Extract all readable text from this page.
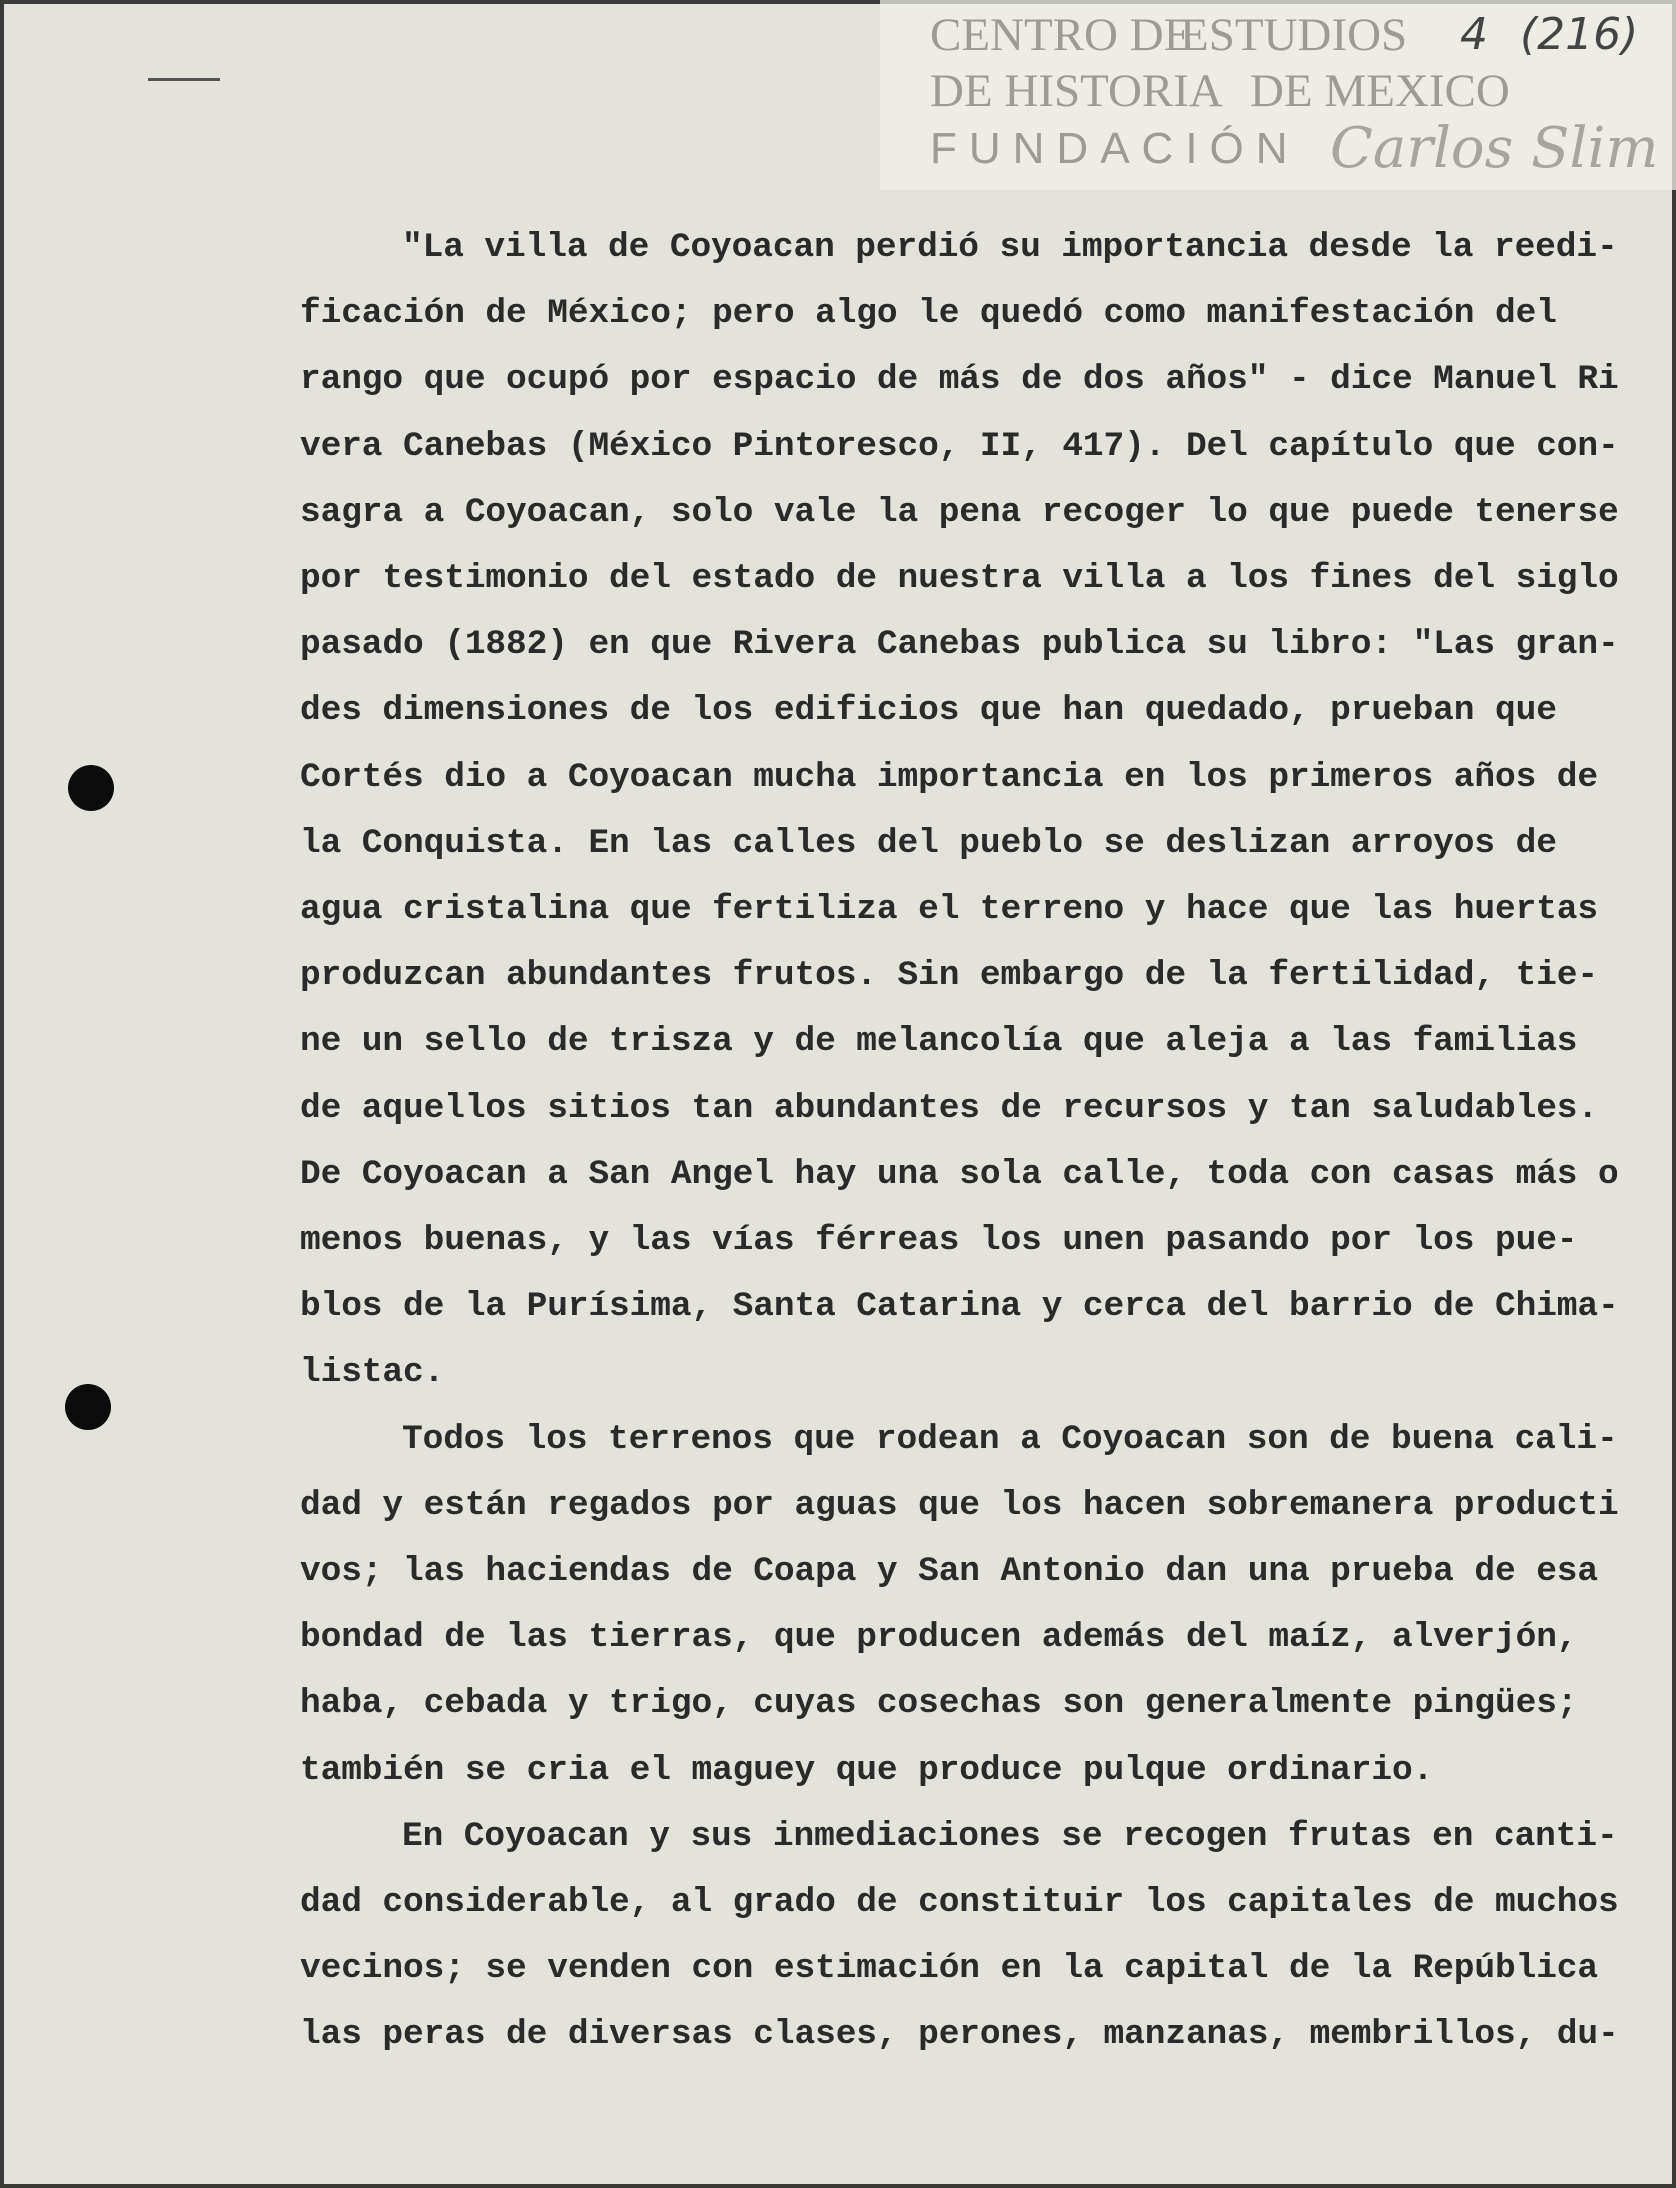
CENTRO DE
ESTUDIOS
DE HISTORIA DE MEXICO
FUNDACIÓN Carlos Slim
4 (216)
"La villa de Coyoacan perdió su importancia desde la reedi-
ficación de México; pero algo le quedó como manifestación del
rango que ocupó por espacio de más de dos años" - dice Manuel Ri
vera Canebas (México Pintoresco, II, 417). Del capítulo que con-
sagra a Coyoacan, solo vale la pena recoger lo que puede tenerse
por testimonio del estado de nuestra villa a los fines del siglo
pasado (1882) en que Rivera Canebas publica su libro: "Las gran-
des dimensiones de los edificios que han quedado, prueban que
Cortés dio a Coyoacan mucha importancia en los primeros años de
la Conquista. En las calles del pueblo se deslizan arroyos de
agua cristalina que fertiliza el terreno y hace que las huertas
produzcan abundantes frutos. Sin embargo de la fertilidad, tie-
ne un sello de trisza y de melancolía que aleja a las familias
de aquellos sitios tan abundantes de recursos y tan saludables.
De Coyoacan a San Angel hay una sola calle, toda con casas más o
menos buenas, y las vías férreas los unen pasando por los pue-
blos de la Purísima, Santa Catarina y cerca del barrio de Chima-
listac.
Todos los terrenos que rodean a Coyoacan son de buena cali-
dad y están regados por aguas que los hacen sobremanera producti
vos; las haciendas de Coapa y San Antonio dan una prueba de esa
bondad de las tierras, que producen además del maíz, alverjón,
haba, cebada y trigo, cuyas cosechas son generalmente pingües;
también se cria el maguey que produce pulque ordinario.
En Coyoacan y sus inmediaciones se recogen frutas en canti-
dad considerable, al grado de constituir los capitales de muchos
vecinos; se venden con estimación en la capital de la República
las peras de diversas clases, perones, manzanas, membrillos, du-
